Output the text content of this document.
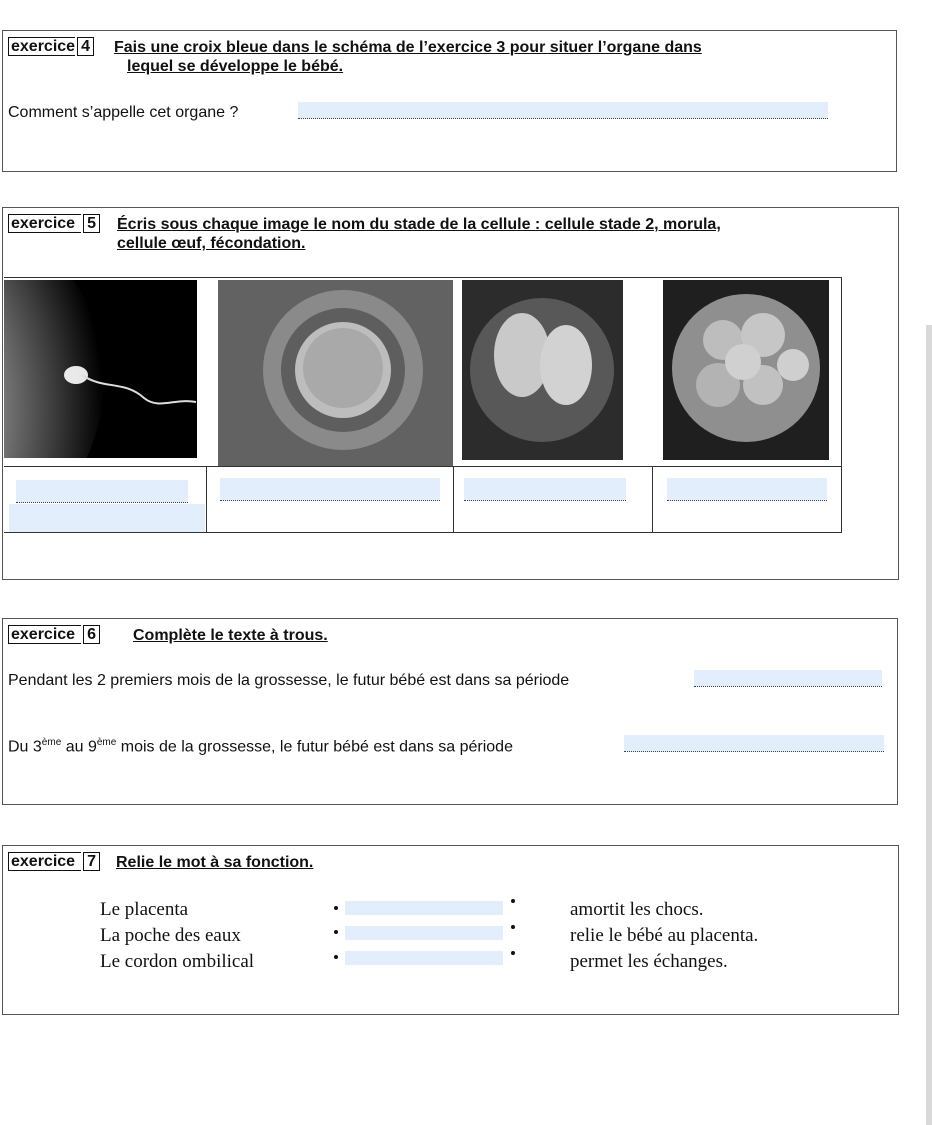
exercice 4 Fais une croix bleue dans le schéma de l’exercice 3 pour situer l’organe dans
lequel se développe le bébé.
Comment s’appelle cet organe ?
exercice 5 Écris sous chaque image le nom du stade de la cellule : cellule stade 2, morula,
cellule œuf, fécondation.
exercice 6 Complète le texte à trous.
Pendant les 2 premiers mois de la grossesse, le futur bébé est dans sa période
Du 3ème au 9ème mois de la grossesse, le futur bébé est dans sa période
exercice 7 Relie le mot à sa fonction.
Le placenta
La poche des eaux
Le cordon ombilical
amortit les chocs.
relie le bébé au placenta.
permet les échanges.
